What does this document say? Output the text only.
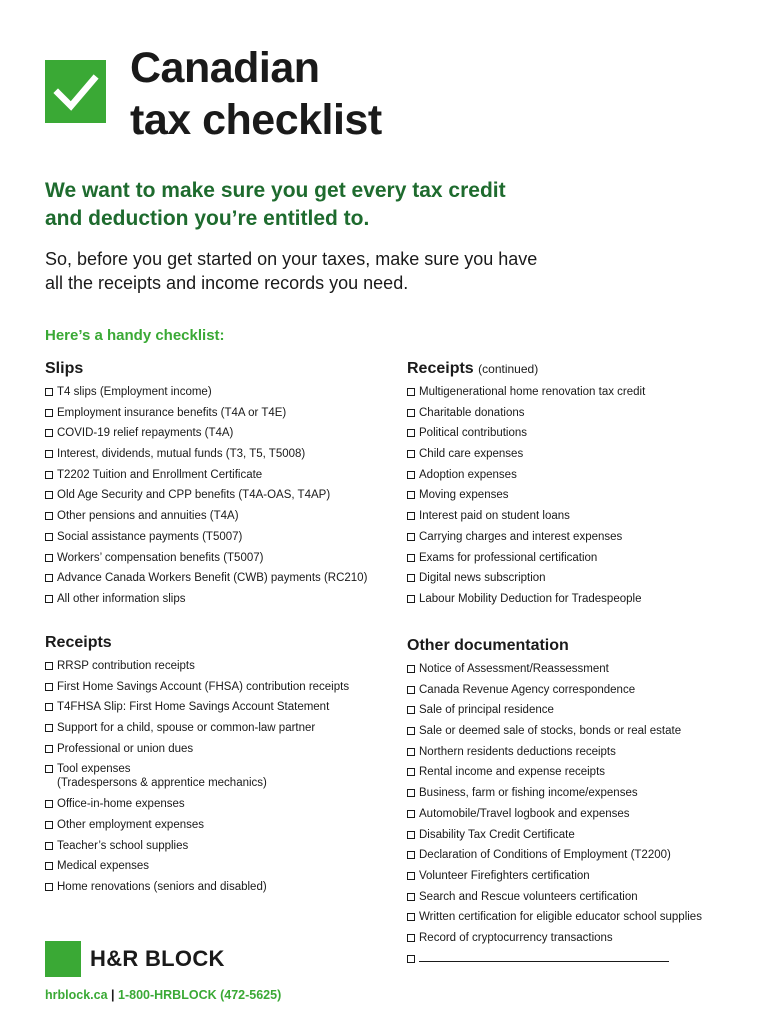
Canadian
tax checklist

We want to make sure you get every tax credit
and deduction you’re entitled to.

So, before you get started on your taxes, make sure you have
all the receipts and income records you need.

Here’s a handy checklist:

Slips
T4 slips (Employment income)
Employment insurance benefits (T4A or T4E)
COVID-19 relief repayments (T4A)
Interest, dividends, mutual funds (T3, T5, T5008)
T2202 Tuition and Enrollment Certificate
Old Age Security and CPP benefits (T4A-OAS, T4AP)
Other pensions and annuities (T4A)
Social assistance payments (T5007)
Workers’ compensation benefits (T5007)
Advance Canada Workers Benefit (CWB) payments (RC210)
All other information slips
Receipts
RRSP contribution receipts
First Home Savings Account (FHSA) contribution receipts
T4FHSA Slip: First Home Savings Account Statement
Support for a child, spouse or common-law partner
Professional or union dues
Tool expenses
(Tradespersons & apprentice mechanics)
Office-in-home expenses
Other employment expenses
Teacher’s school supplies
Medical expenses
Home renovations (seniors and disabled)
Receipts (continued)
Multigenerational home renovation tax credit
Charitable donations
Political contributions
Child care expenses
Adoption expenses
Moving expenses
Interest paid on student loans
Carrying charges and interest expenses
Exams for professional certification
Digital news subscription
Labour Mobility Deduction for Tradespeople
Other documentation
Notice of Assessment/Reassessment
Canada Revenue Agency correspondence
Sale of principal residence
Sale or deemed sale of stocks, bonds or real estate
Northern residents deductions receipts
Rental income and expense receipts
Business, farm or fishing income/expenses
Automobile/Travel logbook and expenses
Disability Tax Credit Certificate
Declaration of Conditions of Employment (T2200)
Volunteer Firefighters certification
Search and Rescue volunteers certification
Written certification for eligible educator school supplies
Record of cryptocurrency transactions
H&R BLOCK
hrblock.ca | 1-800-HRBLOCK (472-5625)
